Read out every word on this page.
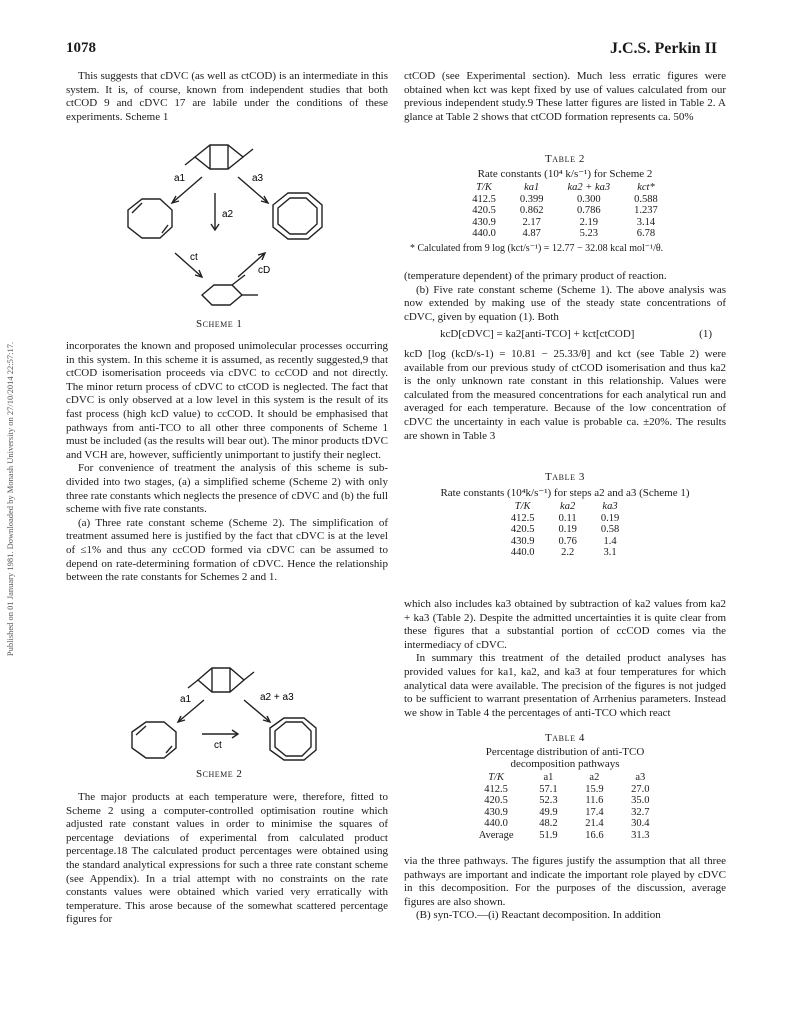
1078	J.C.S. Perkin II
Published on 01 January 1981. Downloaded by Monash University on 27/10/2014 22:57:17.

This suggests that cDVC (as well as ctCOD) is an intermediate in this system. It is, of course, known from independent studies that both ctCOD 9 and cDVC 17 are labile under the conditions of these experiments. Scheme 1

a1	a3
a2
ct
cD
Scheme 1

incorporates the known and proposed unimolecular processes occurring in this system. In this scheme it is assumed, as recently suggested,9 that ctCOD isomerisation proceeds via cDVC to ccCOD and not directly. The minor return process of cDVC to ctCOD is neglected. The fact that cDVC is only observed at a low level in this system is the result of its fast process (high kcD value) to ccCOD. It should be emphasised that pathways from anti-TCO to all other three components of Scheme 1 must be included (as the results will bear out). The minor products tDVC and VCH are, however, sufficiently unimportant to justify their neglect.

For convenience of treatment the analysis of this scheme is sub-divided into two stages, (a) a simplified scheme (Scheme 2) with only three rate constants which neglects the presence of cDVC and (b) the full scheme with five rate constants.

(a) Three rate constant scheme (Scheme 2). The simplification of treatment assumed here is justified by the fact that cDVC is at the level of ≤1% and thus any ccCOD formed via cDVC can be assumed to depend on rate-determining formation of cDVC. Hence the relationship between the rate constants for Schemes 2 and 1.

a1	a2 + a3
ct
Scheme 2

The major products at each temperature were, therefore, fitted to Scheme 2 using a computer-controlled optimisation routine which adjusted rate constant values in order to minimise the squares of percentage deviations of experimental from calculated product percentage.18 The calculated product percentages were obtained using the standard analytical expressions for such a three rate constant scheme (see Appendix). In a trial attempt with no constraints on the rate constants values were obtained which varied very erratically with temperature. This arose because of the somewhat scattered percentage figures for

ctCOD (see Experimental section). Much less erratic figures were obtained when kct was kept fixed by use of values calculated from our previous independent study.9 These latter figures are listed in Table 2. A glance at Table 2 shows that ctCOD formation represents ca. 50%

Table 2
Rate constants (10⁴ k/s⁻¹) for Scheme 2
T/K	ka1	ka2 + ka3	kct*
412.5	0.399	0.300	0.588
420.5	0.862	0.786	1.237
430.9	2.17	2.19	3.14
440.0	4.87	5.23	6.78
* Calculated from 9 log (kct/s⁻¹) = 12.77 − 32.08 kcal mol⁻¹/θ.

(temperature dependent) of the primary product of reaction.

(b) Five rate constant scheme (Scheme 1). The above analysis was now extended by making use of the steady state concentrations of cDVC, given by equation (1). Both

kcD[cDVC] = ka2[anti-TCO] + kct[ctCOD]	(1)

kcD [log (kcD/s-1) = 10.81 − 25.33/θ] and kct (see Table 2) were available from our previous study of ctCOD isomerisation and thus ka2 is the only unknown rate constant in this relationship. Values were calculated from the measured concentrations for each analytical run and averaged for each temperature. Because of the low concentration of cDVC the uncertainty in each value is probable ca. ±20%. The results are shown in Table 3

Table 3
Rate constants (10⁴k/s⁻¹) for steps a2 and a3 (Scheme 1)
T/K	ka2	ka3
412.5	0.11	0.19
420.5	0.19	0.58
430.9	0.76	1.4
440.0	2.2	3.1

which also includes ka3 obtained by subtraction of ka2 values from ka2 + ka3 (Table 2). Despite the admitted uncertainties it is quite clear from these figures that a substantial portion of ccCOD comes via the intermediacy of cDVC.

In summary this treatment of the detailed product analyses has provided values for ka1, ka2, and ka3 at four temperatures for which analytical data were available. The precision of the figures is not judged to be sufficient to warrant presentation of Arrhenius parameters. Instead we show in Table 4 the percentages of anti-TCO which react

Table 4
Percentage distribution of anti-TCO
decomposition pathways
T/K	a1	a2	a3
412.5	57.1	15.9	27.0
420.5	52.3	11.6	35.0
430.9	49.9	17.4	32.7
440.0	48.2	21.4	30.4
Average	51.9	16.6	31.3

via the three pathways. The figures justify the assumption that all three pathways are important and indicate the important role played by cDVC in this decomposition. For the purposes of the discussion, average figures are also shown.

(B) syn-TCO.—(i) Reactant decomposition. In addition
